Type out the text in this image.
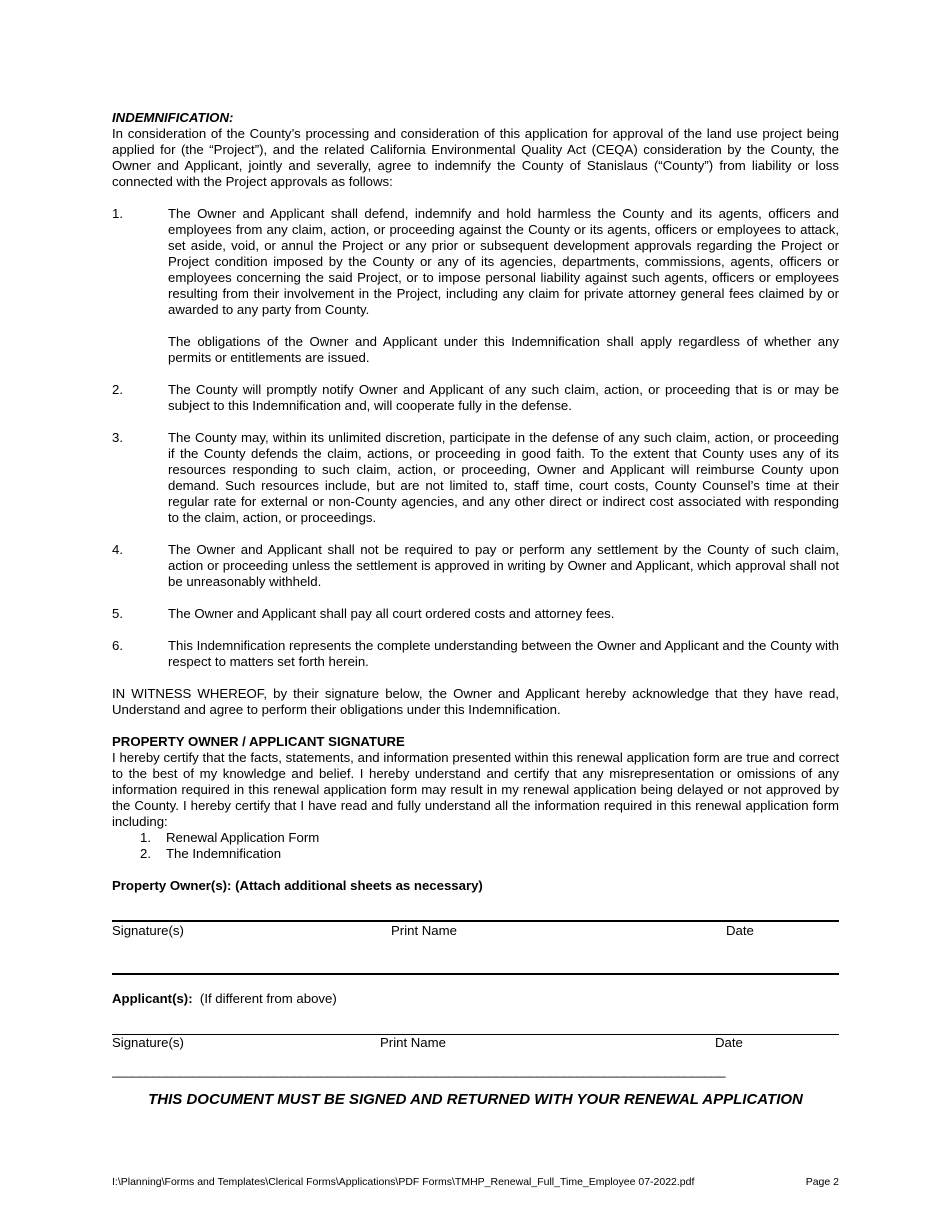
INDEMNIFICATION:

In consideration of the County’s processing and consideration of this application for approval of the land use project being applied for (the “Project”), and the related California Environmental Quality Act (CEQA) consideration by the County, the Owner and Applicant, jointly and severally, agree to indemnify the County of Stanislaus (“County”) from liability or loss connected with the Project approvals as follows:

1.	The Owner and Applicant shall defend, indemnify and hold harmless the County and its agents, officers and employees from any claim, action, or proceeding against the County or its agents, officers or employees to attack, set aside, void, or annul the Project or any prior or subsequent development approvals regarding the Project or Project condition imposed by the County or any of its agencies, departments, commissions, agents, officers or employees concerning the said Project, or to impose personal liability against such agents, officers or employees resulting from their involvement in the Project, including any claim for private attorney general fees claimed by or awarded to any party from County.

The obligations of the Owner and Applicant under this Indemnification shall apply regardless of whether any permits or entitlements are issued.

2.	The County will promptly notify Owner and Applicant of any such claim, action, or proceeding that is or may be subject to this Indemnification and, will cooperate fully in the defense.

3.	The County may, within its unlimited discretion, participate in the defense of any such claim, action, or proceeding if the County defends the claim, actions, or proceeding in good faith. To the extent that County uses any of its resources responding to such claim, action, or proceeding, Owner and Applicant will reimburse County upon demand. Such resources include, but are not limited to, staff time, court costs, County Counsel’s time at their regular rate for external or non-County agencies, and any other direct or indirect cost associated with responding to the claim, action, or proceedings.

4.	The Owner and Applicant shall not be required to pay or perform any settlement by the County of such claim, action or proceeding unless the settlement is approved in writing by Owner and Applicant, which approval shall not be unreasonably withheld.

5.	The Owner and Applicant shall pay all court ordered costs and attorney fees.

6.	This Indemnification represents the complete understanding between the Owner and Applicant and the County with respect to matters set forth herein.

IN WITNESS WHEREOF, by their signature below, the Owner and Applicant hereby acknowledge that they have read, Understand and agree to perform their obligations under this Indemnification.

PROPERTY OWNER / APPLICANT SIGNATURE

I hereby certify that the facts, statements, and information presented within this renewal application form are true and correct to the best of my knowledge and belief. I hereby understand and certify that any misrepresentation or omissions of any information required in this renewal application form may result in my renewal application being delayed or not approved by the County. I hereby certify that I have read and fully understand all the information required in this renewal application form including:

1.	Renewal Application Form
2.	The Indemnification

Property Owner(s): (Attach additional sheets as necessary)

Signature(s)	Print Name	Date

Applicant(s):  (If different from above)

Signature(s)	Print Name	Date
___________________________________________________________________________________________
THIS DOCUMENT MUST BE SIGNED AND RETURNED WITH YOUR RENEWAL APPLICATION
I:\Planning\Forms and Templates\Clerical Forms\Applications\PDF Forms\TMHP_Renewal_Full_Time_Employee 07-2022.pdf	Page 2
